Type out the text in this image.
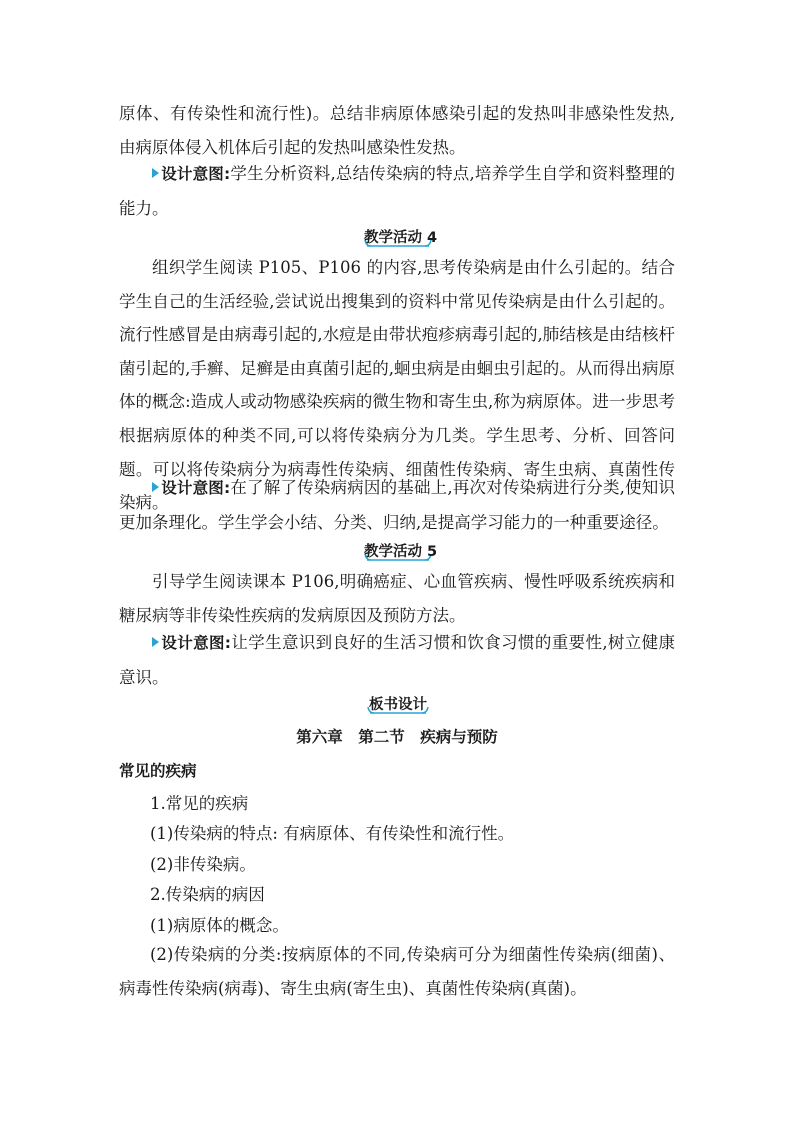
原体、有传染性和流行性)。总结非病原体感染引起的发热叫非感染性发热,由病原体侵入机体后引起的发热叫感染性发热。

设计意图:学生分析资料,总结传染病的特点,培养学生自学和资料整理的能力。

教学活动 4

组织学生阅读 P105、P106 的内容,思考传染病是由什么引起的。结合学生自己的生活经验,尝试说出搜集到的资料中常见传染病是由什么引起的。流行性感冒是由病毒引起的,水痘是由带状疱疹病毒引起的,肺结核是由结核杆菌引起的,手癣、足癣是由真菌引起的,蛔虫病是由蛔虫引起的。从而得出病原体的概念:造成人或动物感染疾病的微生物和寄生虫,称为病原体。进一步思考根据病原体的种类不同,可以将传染病分为几类。学生思考、分析、回答问题。可以将传染病分为病毒性传染病、细菌性传染病、寄生虫病、真菌性传染病。

设计意图:在了解了传染病病因的基础上,再次对传染病进行分类,使知识更加条理化。学生学会小结、分类、归纳,是提高学习能力的一种重要途径。

教学活动 5

引导学生阅读课本 P106,明确癌症、心血管疾病、慢性呼吸系统疾病和糖尿病等非传染性疾病的发病原因及预防方法。

设计意图:让学生意识到良好的生活习惯和饮食习惯的重要性,树立健康意识。

板书设计
第六章　第二节　疾病与预防
常见的疾病
1.常见的疾病
(1)传染病的特点: 有病原体、有传染性和流行性。
(2)非传染病。
2.传染病的病因
(1)病原体的概念。

(2)传染病的分类:按病原体的不同,传染病可分为细菌性传染病(细菌)、病毒性传染病(病毒)、寄生虫病(寄生虫)、真菌性传染病(真菌)。
